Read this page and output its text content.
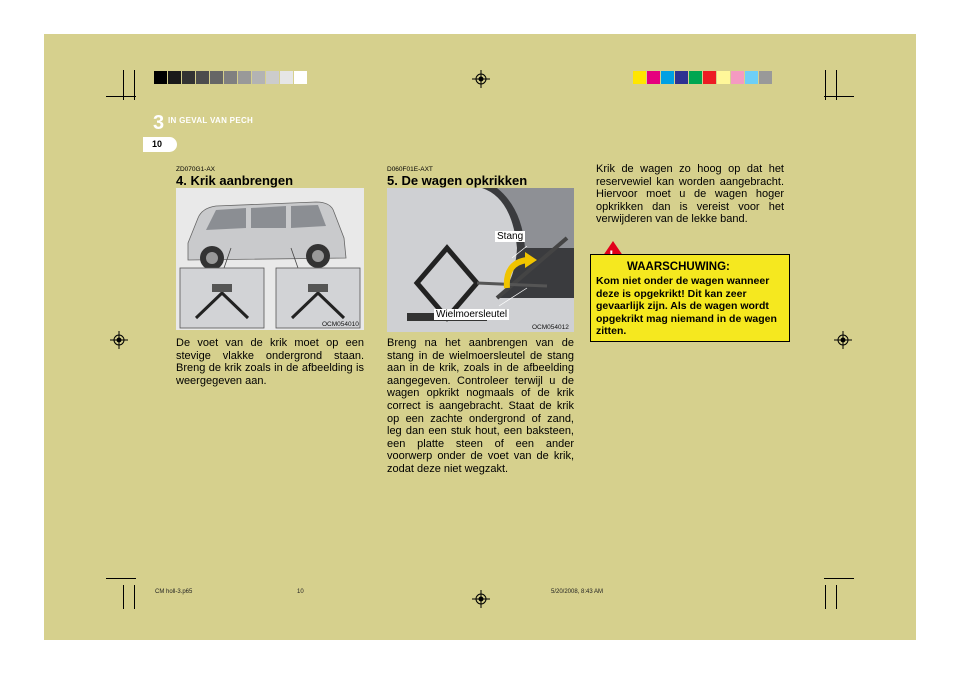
3 IN GEVAL VAN PECH
10
ZD070G1-AX
4. Krik aanbrengen
OCM054010
De voet van de krik moet op een stevige vlakke ondergrond staan. Breng de krik zoals in de afbeelding is weergegeven aan.
D060F01E-AXT
5. De wagen opkrikken
Stang
Wielmoersleutel
OCM054012
Breng na het aanbrengen van de stang in de wielmoersleutel de stang aan in de krik, zoals in de afbeelding aangegeven. Controleer terwijl u de wagen opkrikt nogmaals of de krik correct is aangebracht. Staat de krik op een zachte ondergrond of zand, leg dan een stuk hout, een baksteen, een platte steen of een ander voorwerp onder de voet van de krik, zodat deze niet wegzakt.
Krik de wagen zo hoog op dat het reservewiel kan worden aangebracht. Hiervoor moet u de wagen hoger opkrikken dan is vereist voor het verwijderen van de lekke band.
WAARSCHUWING:
Kom niet onder de wagen wanneer deze is opgekrikt! Dit kan zeer gevaarlijk zijn. Als de wagen wordt opgekrikt mag niemand in de wagen zitten.
CM holl-3.p65	10	5/20/2008, 8:43 AM
